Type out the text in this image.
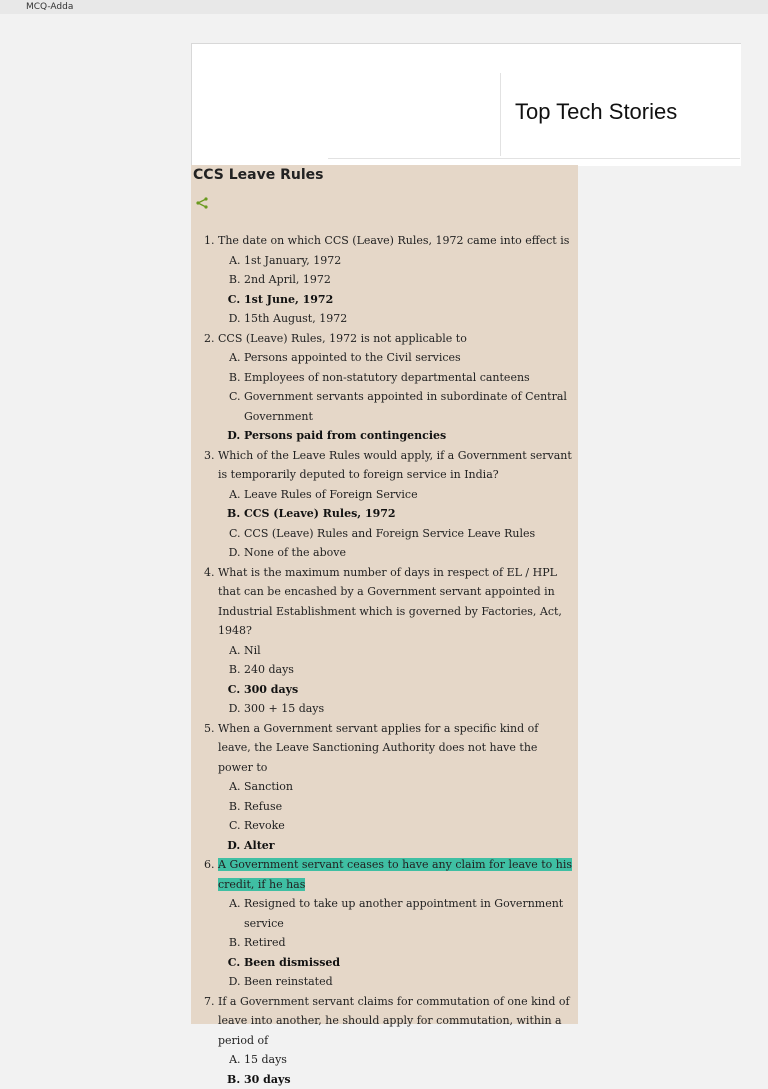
MCQ-Adda
Top Tech Stories
CCS Leave Rules
1. The date on which CCS (Leave) Rules, 1972 came into effect is
A. 1st January, 1972
B. 2nd April, 1972
C. 1st June, 1972
D. 15th August, 1972
2. CCS (Leave) Rules, 1972 is not applicable to
A. Persons appointed to the Civil services
B. Employees of non-statutory departmental canteens
C. Government servants appointed in subordinate of Central Government
D. Persons paid from contingencies
3. Which of the Leave Rules would apply, if a Government servant is temporarily deputed to foreign service in India?
A. Leave Rules of Foreign Service
B. CCS (Leave) Rules, 1972
C. CCS (Leave) Rules and Foreign Service Leave Rules
D. None of the above
4. What is the maximum number of days in respect of EL / HPL that can be encashed by a Government servant appointed in Industrial Establishment which is governed by Factories, Act, 1948?
A. Nil
B. 240 days
C. 300 days
D. 300 + 15 days
5. When a Government servant applies for a specific kind of leave, the Leave Sanctioning Authority does not have the power to
A. Sanction
B. Refuse
C. Revoke
D. Alter
6. A Government servant ceases to have any claim for leave to his credit, if he has
A. Resigned to take up another appointment in Government service
B. Retired
C. Been dismissed
D. Been reinstated
7. If a Government servant claims for commutation of one kind of leave into another, he should apply for commutation, within a period of
A. 15 days
B. 30 days
